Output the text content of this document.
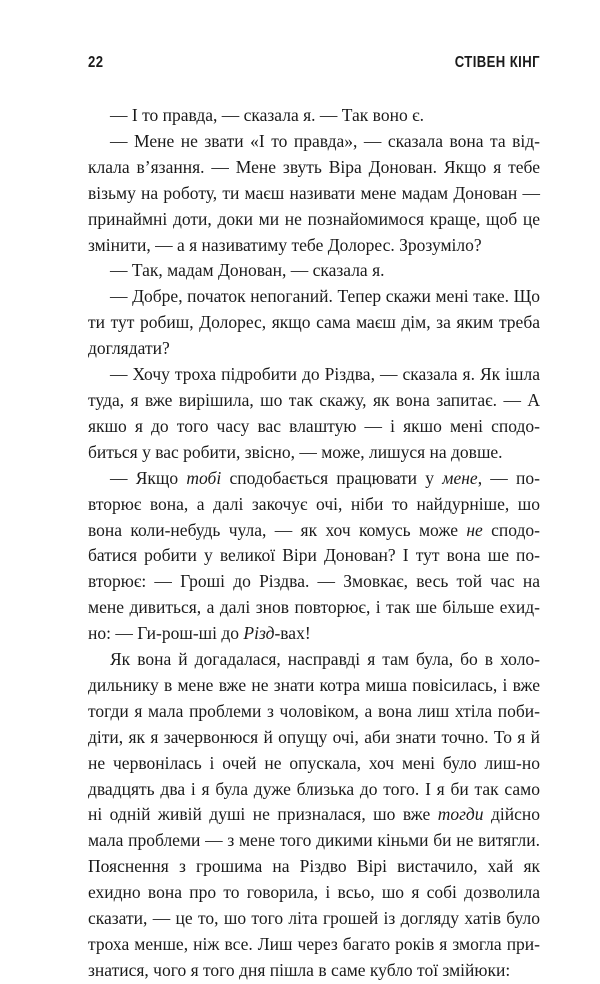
22	СТІВЕН КІНГ

— І то правда, — сказала я. — Так воно є.

— Мене не звати «І то правда», — сказала вона та відклала в’язання. — Мене звуть Віра Донован. Якщо я тебе візьму на роботу, ти маєш називати мене мадам Донован — принаймні доти, доки ми не познайомимося краще, щоб це змінити, — а я називатиму тебе Долорес. Зрозуміло?

— Так, мадам Донован, — сказала я.

— Добре, початок непоганий. Тепер скажи мені таке. Що ти тут робиш, Долорес, якщо сама маєш дім, за яким треба доглядати?

— Хочу троха підробити до Різдва, — сказала я. Як ішла туда, я вже вирішила, шо так скажу, як вона запитає. — А якшо я до того часу вас влаштую — і якшо мені сподобиться у вас робити, звісно, — може, лишуся на довше.

— Якщо тобі сподобається працювати у мене, — повторює вона, а далі закочує очі, ніби то найдурніше, шо вона коли-небудь чула, — як хоч комусь може не сподобатися робити у великої Віри Донован? І тут вона ше повторює: — Гроші до Різдва. — Змовкає, весь той час на мене дивиться, а далі знов повторює, і так ше більше ехидно: — Ги-рош-ші до Різд-вах!

Як вона й догадалася, насправді я там була, бо в холодильнику в мене вже не знати котра миша повісилась, і вже тогди я мала проблеми з чоловіком, а вона лиш хтіла побидіти, як я зачервонюся й опущу очі, аби знати точно. То я й не червонілась і очей не опускала, хоч мені було лиш-но двадцять два і я була дуже близька до того. І я би так само ні одній живій душі не призналася, шо вже тогди дійсно мала проблеми — з мене того дикими кіньми би не витягли. Пояснення з грошима на Різдво Вірі вистачило, хай як ехидно вона про то говорила, і всьо, шо я собі дозволила сказати, — це то, шо того літа грошей із догляду хатів було троха менше, ніж все. Лиш через багато років я змогла признатися, чого я того дня пішла в саме кубло тої змійюки:
